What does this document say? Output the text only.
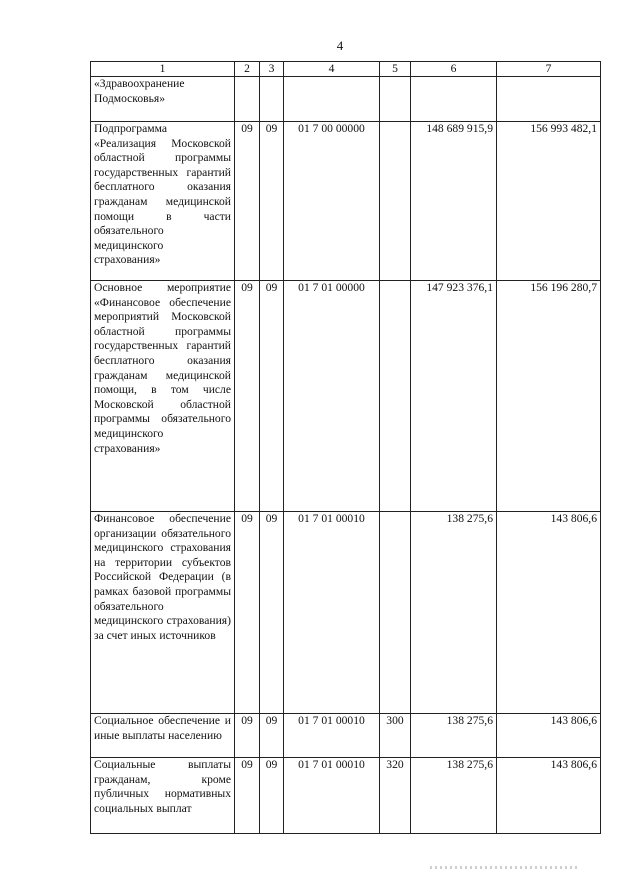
4
1	2	3	4	5	6	7
«Здравоохранение Подмосковья»						
Подпрограмма «Реализация Московской областной программы государственных гарантий бесплатного оказания гражданам медицинской помощи в части обязательного медицинского страхования»	09	09	01 7 00 00000		148 689 915,9	156 993 482,1
Основное мероприятие «Финансовое обеспечение мероприятий Московской областной программы государственных гарантий бесплатного оказания гражданам медицинской помощи, в том числе Московской областной программы обязательного медицинского страхования»	09	09	01 7 01 00000		147 923 376,1	156 196 280,7
Финансовое обеспечение организации обязательного медицинского страхования на территории субъектов Российской Федерации (в рамках базовой программы обязательного медицинского страхования) за счет иных источников	09	09	01 7 01 00010		138 275,6	143 806,6
Социальное обеспечение и иные выплаты населению	09	09	01 7 01 00010	300	138 275,6	143 806,6
Социальные выплаты гражданам, кроме публичных нормативных социальных выплат	09	09	01 7 01 00010	320	138 275,6	143 806,6
